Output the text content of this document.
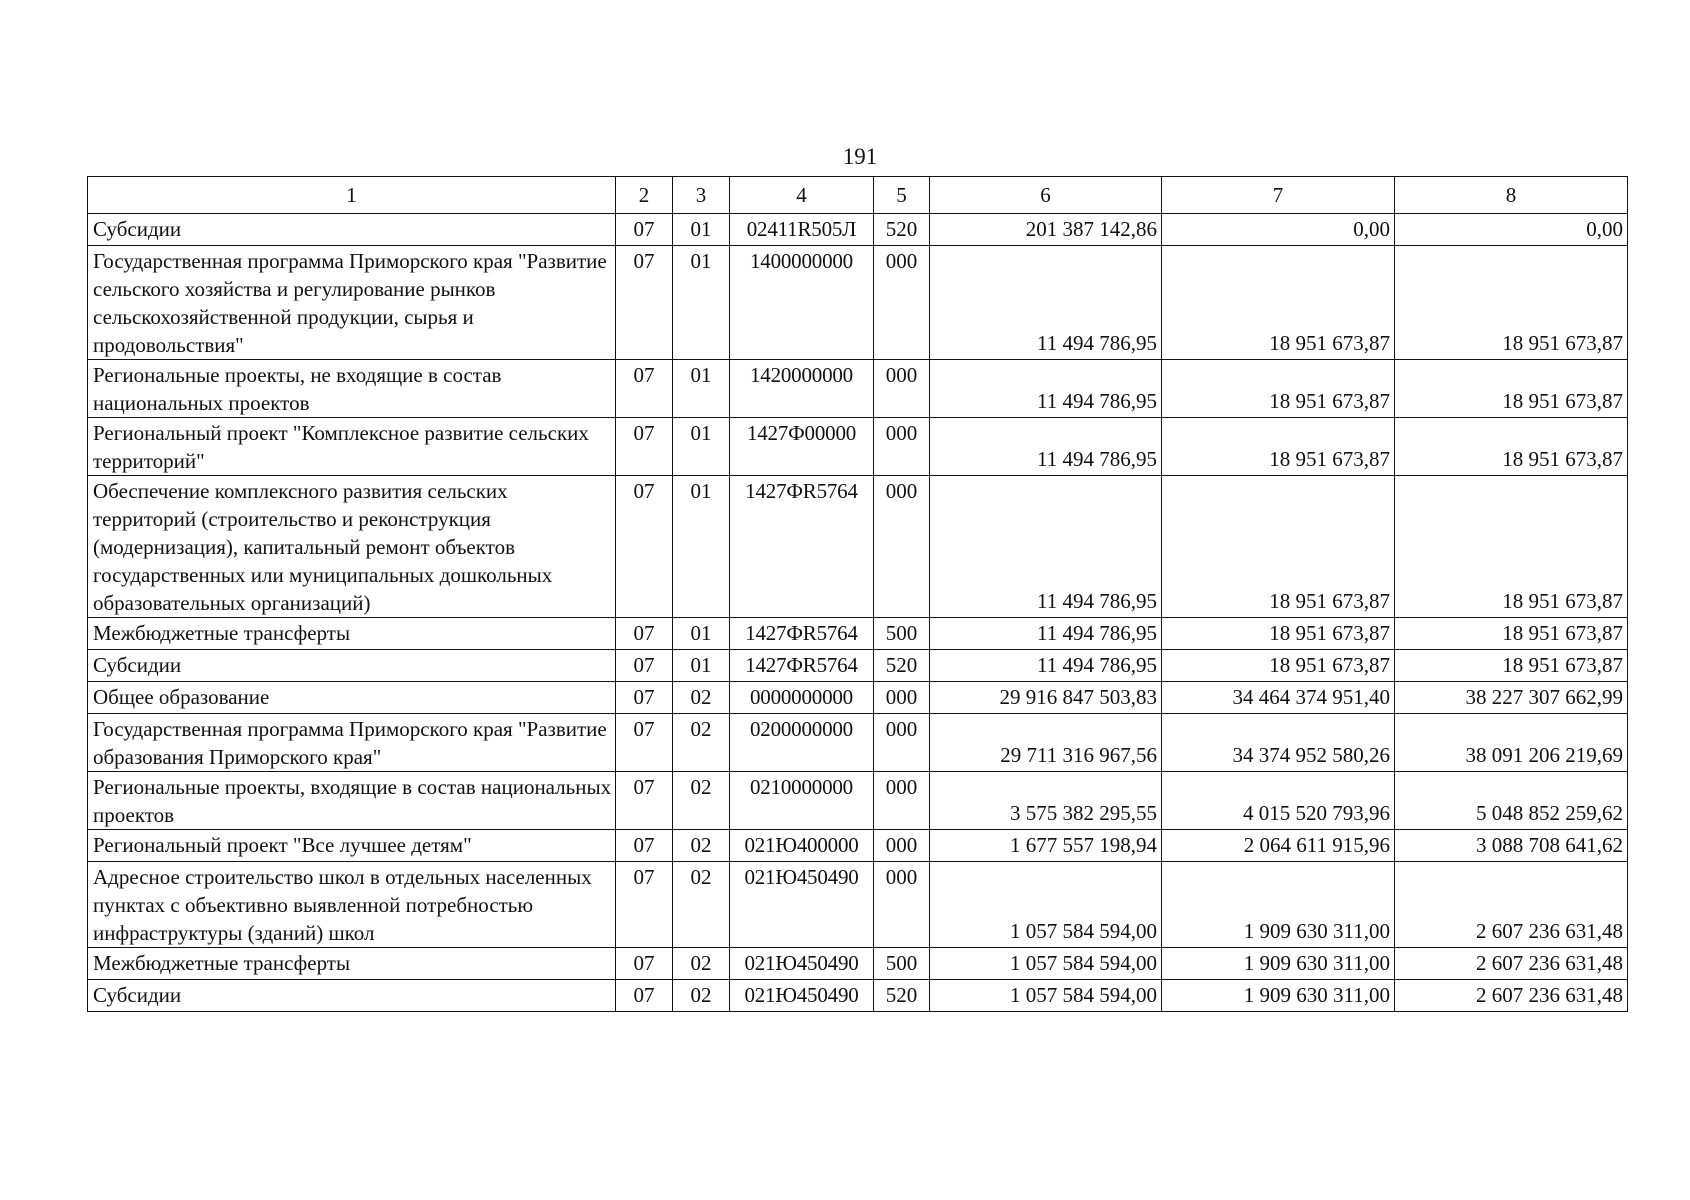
191
1	2	3	4	5	6	7	8
Субсидии	07	01	02411R505Л	520	201 387 142,86	0,00	0,00
Государственная программа Приморского края "Развитие сельского хозяйства и регулирование рынков сельскохозяйственной продукции, сырья и продовольствия"	07	01	1400000000	000	11 494 786,95	18 951 673,87	18 951 673,87
Региональные проекты, не входящие в состав национальных проектов	07	01	1420000000	000	11 494 786,95	18 951 673,87	18 951 673,87
Региональный проект "Комплексное развитие сельских территорий"	07	01	1427Ф00000	000	11 494 786,95	18 951 673,87	18 951 673,87
Обеспечение комплексного развития сельских территорий (строительство и реконструкция (модернизация), капитальный ремонт объектов государственных или муниципальных дошкольных образовательных организаций)	07	01	1427ФR5764	000	11 494 786,95	18 951 673,87	18 951 673,87
Межбюджетные трансферты	07	01	1427ФR5764	500	11 494 786,95	18 951 673,87	18 951 673,87
Субсидии	07	01	1427ФR5764	520	11 494 786,95	18 951 673,87	18 951 673,87
Общее образование	07	02	0000000000	000	29 916 847 503,83	34 464 374 951,40	38 227 307 662,99
Государственная программа Приморского края "Развитие образования Приморского края"	07	02	0200000000	000	29 711 316 967,56	34 374 952 580,26	38 091 206 219,69
Региональные проекты, входящие в состав национальных проектов	07	02	0210000000	000	3 575 382 295,55	4 015 520 793,96	5 048 852 259,62
Региональный проект "Все лучшее детям"	07	02	021Ю400000	000	1 677 557 198,94	2 064 611 915,96	3 088 708 641,62
Адресное строительство школ в отдельных населенных пунктах с объективно выявленной потребностью инфраструктуры (зданий) школ	07	02	021Ю450490	000	1 057 584 594,00	1 909 630 311,00	2 607 236 631,48
Межбюджетные трансферты	07	02	021Ю450490	500	1 057 584 594,00	1 909 630 311,00	2 607 236 631,48
Субсидии	07	02	021Ю450490	520	1 057 584 594,00	1 909 630 311,00	2 607 236 631,48
